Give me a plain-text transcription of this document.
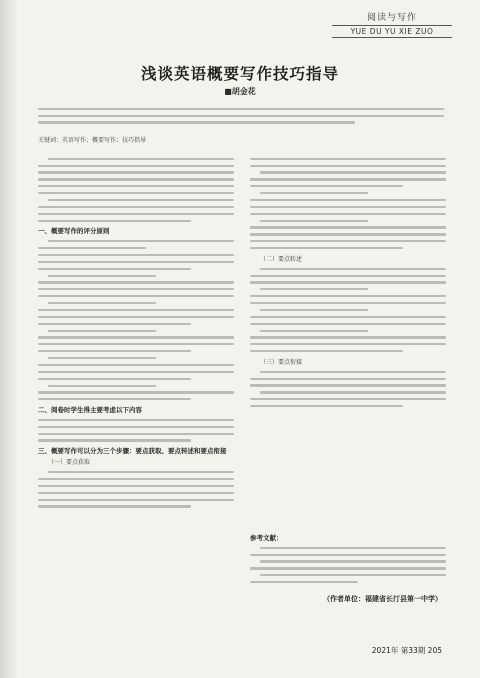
阅读与写作
YUE DU YU XIE ZUO
浅谈英语概要写作技巧指导
■胡金花
关键词：英语写作；概要写作；技巧指导
一、概要写作的评分原则
二、阅卷时学生得主要考虑以下内容
三、概要写作可以分为三个步骤：要点获取、要点转述和要点衔接
（一）要点获取
（二）要点转述
（三）要点衔接
参考文献：
（作者单位：福建省长汀县第一中学）
2021年 第33期 205
